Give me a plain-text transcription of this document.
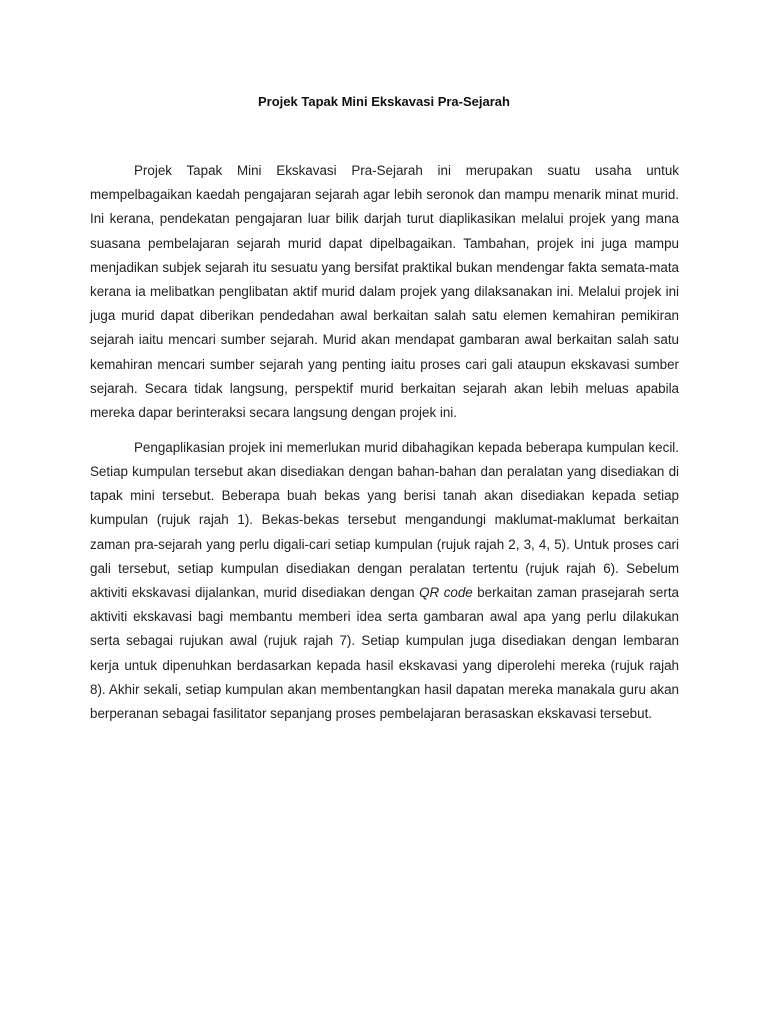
Projek Tapak Mini Ekskavasi Pra-Sejarah

Projek Tapak Mini Ekskavasi Pra-Sejarah ini merupakan suatu usaha untuk mempelbagaikan kaedah pengajaran sejarah agar lebih seronok dan mampu menarik minat murid. Ini kerana, pendekatan pengajaran luar bilik darjah turut diaplikasikan melalui projek yang mana suasana pembelajaran sejarah murid dapat dipelbagaikan. Tambahan, projek ini juga mampu menjadikan subjek sejarah itu sesuatu yang bersifat praktikal bukan mendengar fakta semata-mata kerana ia melibatkan penglibatan aktif murid dalam projek yang dilaksanakan ini. Melalui projek ini juga murid dapat diberikan pendedahan awal berkaitan salah satu elemen kemahiran pemikiran sejarah iaitu mencari sumber sejarah. Murid akan mendapat gambaran awal berkaitan salah satu kemahiran mencari sumber sejarah yang penting iaitu proses cari gali ataupun ekskavasi sumber sejarah. Secara tidak langsung, perspektif murid berkaitan sejarah akan lebih meluas apabila mereka dapar berinteraksi secara langsung dengan projek ini.

Pengaplikasian projek ini memerlukan murid dibahagikan kepada beberapa kumpulan kecil. Setiap kumpulan tersebut akan disediakan dengan bahan-bahan dan peralatan yang disediakan di tapak mini tersebut. Beberapa buah bekas yang berisi tanah akan disediakan kepada setiap kumpulan (rujuk rajah 1). Bekas-bekas tersebut mengandungi maklumat-maklumat berkaitan zaman pra-sejarah yang perlu digali-cari setiap kumpulan (rujuk rajah 2, 3, 4, 5). Untuk proses cari gali tersebut, setiap kumpulan disediakan dengan peralatan tertentu (rujuk rajah 6). Sebelum aktiviti ekskavasi dijalankan, murid disediakan dengan QR code berkaitan zaman prasejarah serta aktiviti ekskavasi bagi membantu memberi idea serta gambaran awal apa yang perlu dilakukan serta sebagai rujukan awal (rujuk rajah 7). Setiap kumpulan juga disediakan dengan lembaran kerja untuk dipenuhkan berdasarkan kepada hasil ekskavasi yang diperolehi mereka (rujuk rajah 8). Akhir sekali, setiap kumpulan akan membentangkan hasil dapatan mereka manakala guru akan berperanan sebagai fasilitator sepanjang proses pembelajaran berasaskan ekskavasi tersebut.
